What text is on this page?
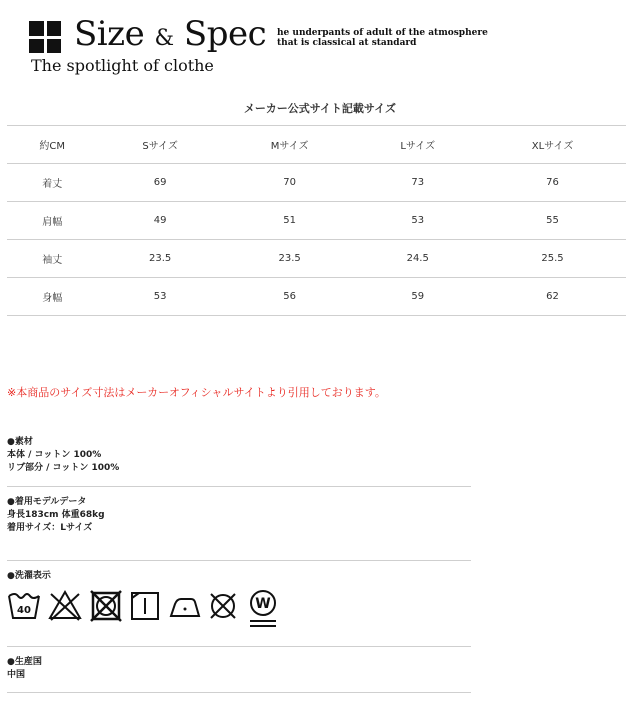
Size & Spec
The spotlight of clothe
he underpants of adult of the atmosphere
that is classical at standard
メーカー公式サイト記載サイズ
約CM	Sサイズ	Mサイズ	Lサイズ	XLサイズ
着丈	69	70	73	76
肩幅	49	51	53	55
袖丈	23.5	23.5	24.5	25.5
身幅	53	56	59	62
※本商品のサイズ寸法はメーカーオフィシャルサイトより引用しております。
●素材
本体 / コットン 100%
リブ部分 / コットン 100%
●着用モデルデータ
身長183cm 体重68kg
着用サイズ：Lサイズ
●洗濯表示
40	W
●生産国
中国
